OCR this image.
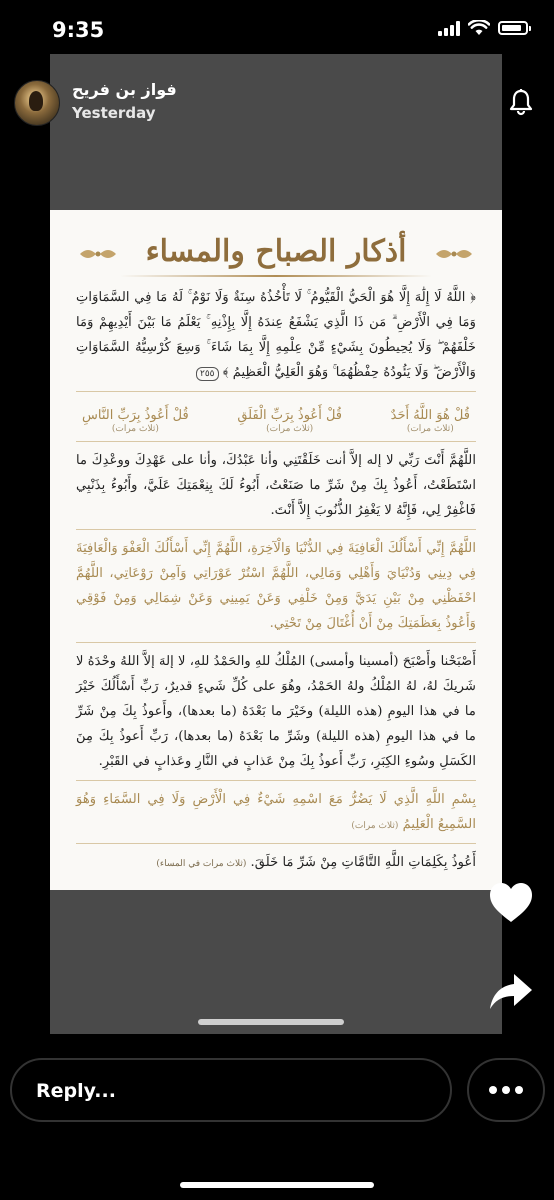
9:35
فواز بن فريح
Yesterday
أذكار الصباح والمساء
﴿ اللَّهُ لَا إِلَٰهَ إِلَّا هُوَ الْحَيُّ الْقَيُّومُ ۚ لَا تَأْخُذُهُ سِنَةٌ وَلَا نَوْمٌ ۚ لَهُ مَا فِي السَّمَاوَاتِ وَمَا فِي الْأَرْضِ ۗ مَن ذَا الَّذِي يَشْفَعُ عِندَهُ إِلَّا بِإِذْنِهِ ۚ يَعْلَمُ مَا بَيْنَ أَيْدِيهِمْ وَمَا خَلْفَهُمْ ۖ وَلَا يُحِيطُونَ بِشَيْءٍ مِّنْ عِلْمِهِ إِلَّا بِمَا شَاءَ ۚ وَسِعَ كُرْسِيُّهُ السَّمَاوَاتِ وَالْأَرْضَ ۖ وَلَا يَئُودُهُ حِفْظُهُمَا ۚ وَهُوَ الْعَلِيُّ الْعَظِيمُ ﴾ ٢٥٥
قُلْ هُوَ اللَّهُ أَحَدٌ
(ثلاث مرات)
قُلْ أَعُوذُ بِرَبِّ الْفَلَقِ
(ثلاث مرات)
قُلْ أَعُوذُ بِرَبِّ النَّاسِ
(ثلاث مرات)
اللَّهُمَّ أَنْتَ رَبِّي لا إله إلاَّ أنت خَلَقْتَنِي وأنا عَبْدُكَ، وأنا على عَهْدِكَ ووعْدِكَ ما اسْتَطَعْتُ، أَعُوذُ بِكَ مِنْ شَرِّ ما صَنَعْتُ، أَبُوءُ لَكَ بِنِعْمَتِكَ عَلَيَّ، وأَبُوءُ بِذَنْبِي فَاغْفِرْ لِي، فَإِنَّهُ لا يَغْفِرُ الذُّنُوبَ إِلاَّ أَنْتَ.
اللَّهُمَّ إِنِّي أَسْأَلُكَ الْعَافِيَةَ فِي الدُّنْيَا وَالْآخِرَةِ، اللَّهُمَّ إِنِّي أَسْأَلُكَ الْعَفْوَ وَالْعَافِيَةَ فِي دِينِي وَدُنْيَايَ وَأَهْلِي وَمَالِي، اللَّهُمَّ اسْتُرْ عَوْرَاتِي وَآمِنْ رَوْعَاتِي، اللَّهُمَّ احْفَظْنِي مِنْ بَيْنِ يَدَيَّ وَمِنْ خَلْفِي وَعَنْ يَمِينِي وَعَنْ شِمَالِي وَمِنْ فَوْقِي وَأَعُوذُ بِعَظَمَتِكَ مِنْ أَنْ أُغْتَالَ مِنْ تَحْتِي.
أَصْبَحْنا وأَصْبَحَ (أمسينا وأمسى) المُلْكُ للهِ والحَمْدُ للهِ، لا إلهَ إلاَّ اللهُ وحْدَهُ لا شَريكَ لهُ، لهُ المُلْكُ ولهُ الحَمْدُ، وهُوَ على كُلِّ شَيءٍ قديرٌ، رَبِّ أَسْأَلُكَ خَيْرَ ما في هذا اليومِ (هذه الليلة) وخَيْرَ ما بَعْدَهُ (ما بعدها)، وأَعوذُ بِكَ مِنْ شَرِّ ما في هذا اليومِ (هذه الليلة) وشَرِّ ما بَعْدَهُ (ما بعدها)، رَبِّ أَعوذُ بِكَ مِنَ الكَسَلِ وسُوءِ الكِبَرِ، رَبِّ أَعوذُ بِكَ مِنْ عَذابٍ في النَّارِ وعَذابٍ في القَبْرِ.
بِسْمِ اللَّهِ الَّذِي لَا يَضُرُّ مَعَ اسْمِهِ شَيْءٌ فِي الْأَرْضِ وَلَا فِي السَّمَاءِ وَهُوَ السَّمِيعُ الْعَلِيمُ (ثلاث مرات)
أَعُوذُ بِكَلِمَاتِ اللَّهِ التَّامَّاتِ مِنْ شَرِّ مَا خَلَقَ. (ثلاث مرات في المساء)
Reply...
